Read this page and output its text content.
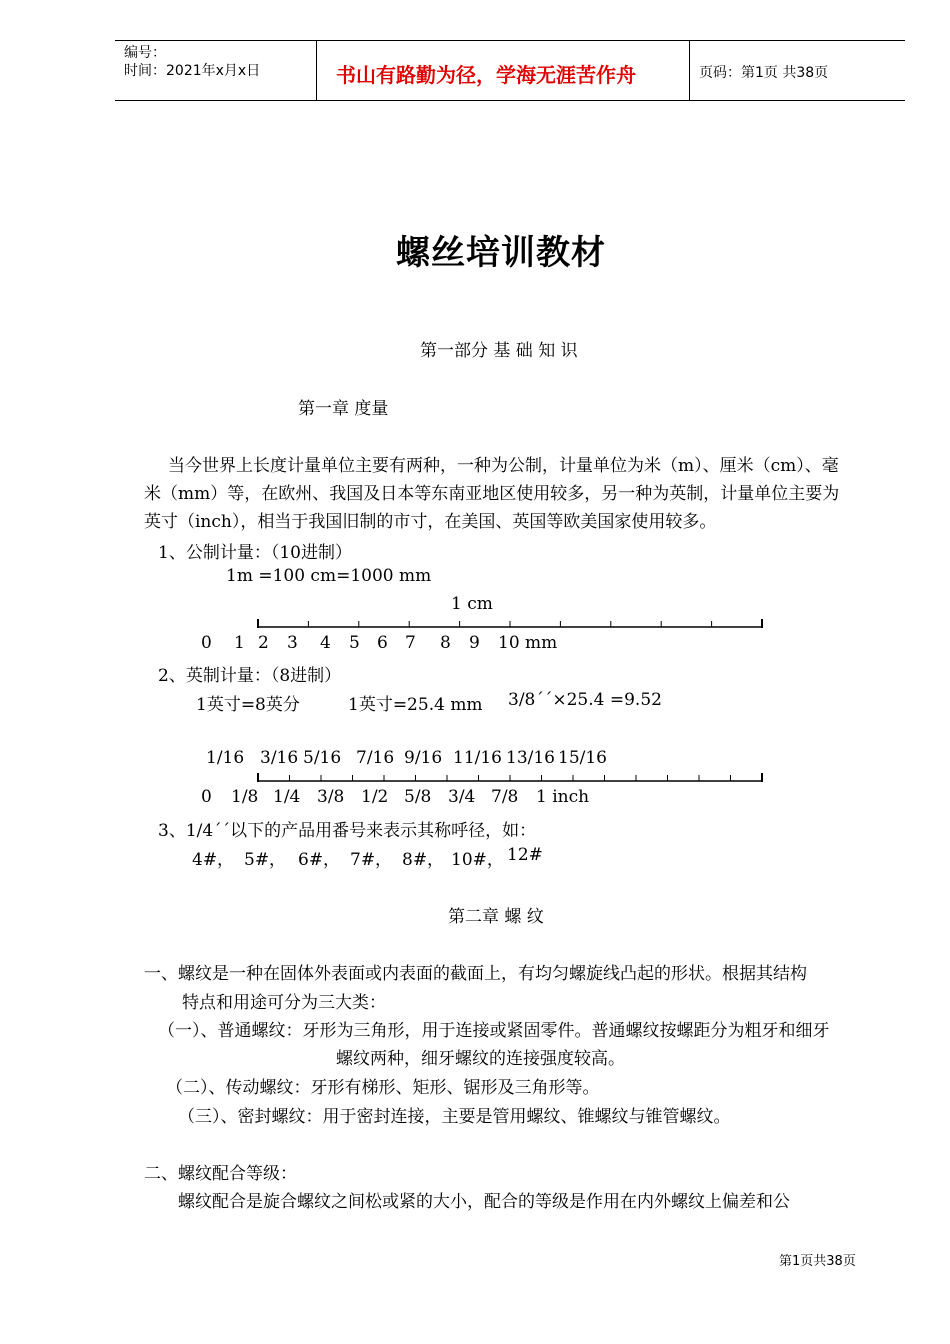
编号：
时间：2021年x月x日	书山有路勤为径，学海无涯苦作舟	页码：第1页 共38页
螺丝培训教材
第一部分 基 础 知 识
第一章 度量
当今世界上长度计量单位主要有两种，一种为公制，计量单位为米（m）、厘米（cm）、毫
米（mm）等，在欧州、我国及日本等东南亚地区使用较多，另一种为英制，计量单位主要为
英寸（inch），相当于我国旧制的市寸，在美国、英国等欧美国家使用较多。
1、公制计量：（10进制）
1m =100 cm=1000 mm
1 cm
0 1 2 3 4 5 6 7 8 9 10 mm
2、英制计量：（8进制）
1英寸=8英分	1英寸=25.4 mm 3/8´´×25.4 =9.52
1/16 3/16 5/16 7/16 9/16 11/16 13/16 15/16
0 1/8 1/4 3/8 1/2 5/8 3/4 7/8 1 inch
3、1/4´´以下的产品用番号来表示其称呼径，如：
4#， 5#， 6#， 7#， 8#， 10#， 12#
第二章 螺 纹
一、螺纹是一种在固体外表面或内表面的截面上，有均匀螺旋线凸起的形状。根据其结构
特点和用途可分为三大类：
（一）、普通螺纹：牙形为三角形，用于连接或紧固零件。普通螺纹按螺距分为粗牙和细牙
螺纹两种，细牙螺纹的连接强度较高。
（二）、传动螺纹：牙形有梯形、矩形、锯形及三角形等。
（三）、密封螺纹：用于密封连接，主要是管用螺纹、锥螺纹与锥管螺纹。
二、螺纹配合等级：
螺纹配合是旋合螺纹之间松或紧的大小，配合的等级是作用在内外螺纹上偏差和公
第1页共38页
